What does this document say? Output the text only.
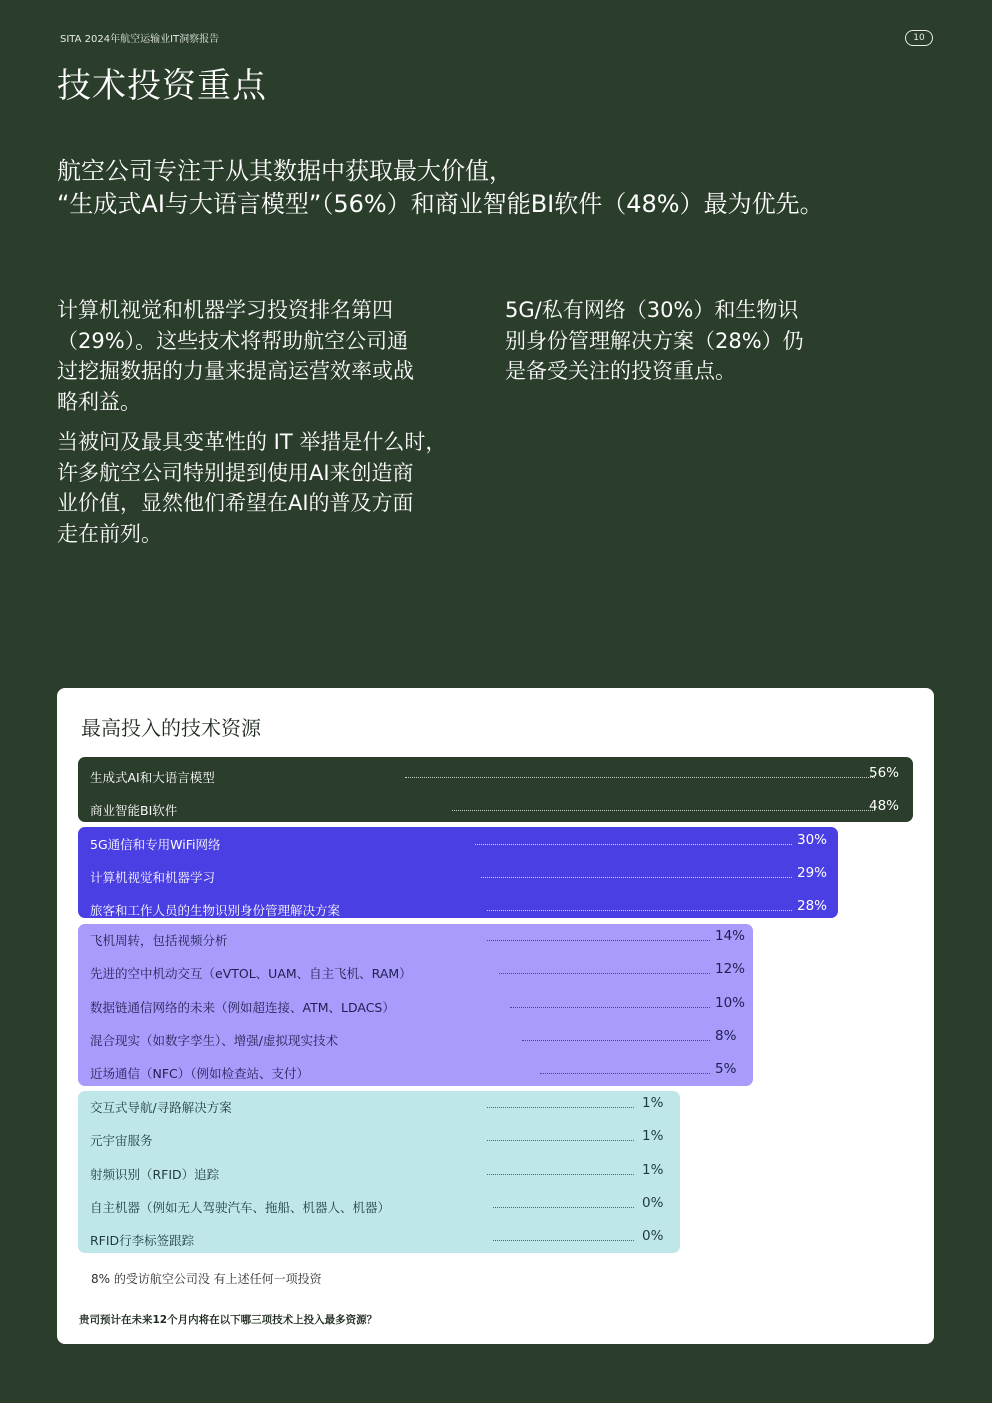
SITA 2024年航空运输业IT洞察报告	10
技术投资重点
航空公司专注于从其数据中获取最大价值，
“生成式AI与大语言模型”（56%）和商业智能BI软件（48%）最为优先。

计算机视觉和机器学习投资排名第四
（29%）。这些技术将帮助航空公司通
过挖掘数据的力量来提高运营效率或战
略利益。

当被问及最具变革性的 IT 举措是什么时，
许多航空公司特别提到使用AI来创造商
业价值，显然他们希望在AI的普及方面
走在前列。

5G/私有网络（30%）和生物识
别身份管理解决方案（28%）仍
是备受关注的投资重点。

最高投入的技术资源
生成式AI和大语言模型	56%
商业智能BI软件	48%
5G通信和专用WiFi网络	30%
计算机视觉和机器学习	29%
旅客和工作人员的生物识别身份管理解决方案	28%
飞机周转，包括视频分析	14%
先进的空中机动交互（eVTOL、UAM、自主飞机、RAM）	12%
数据链通信网络的未来（例如超连接、ATM、LDACS）	10%
混合现实（如数字孪生）、增强/虚拟现实技术	8%
近场通信（NFC）（例如检查站、支付）	5%
交互式导航/寻路解决方案	1%
元宇宙服务	1%
射频识别（RFID）追踪	1%
自主机器（例如无人驾驶汽车、拖船、机器人、机器）	0%
RFID行李标签跟踪	0%
8% 的受访航空公司没 有上述任何一项投资
贵司预计在未来12个月内将在以下哪三项技术上投入最多资源？
